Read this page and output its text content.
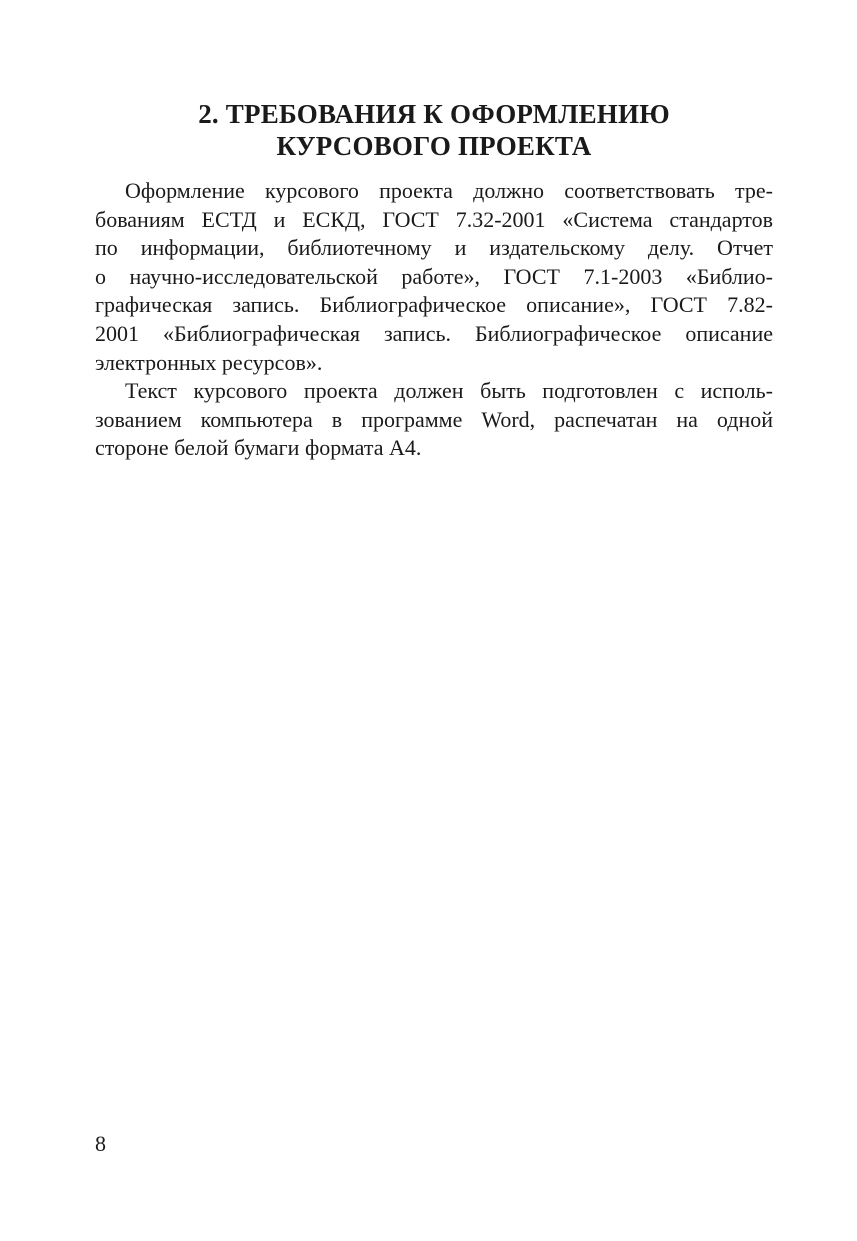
2. ТРЕБОВАНИЯ К ОФОРМЛЕНИЮ
КУРСОВОГО ПРОЕКТА

Оформление курсового проекта должно соответствовать тре-
бованиям ЕСТД и ЕСКД, ГОСТ 7.32-2001 «Система стандартов
по информации, библиотечному и издательскому делу. Отчет
о научно-исследовательской работе», ГОСТ 7.1-2003 «Библио-
графическая запись. Библиографическое описание», ГОСТ 7.82-
2001 «Библиографическая запись. Библиографическое описание
электронных ресурсов».

Текст курсового проекта должен быть подготовлен с исполь-
зованием компьютера в программе Word, распечатан на одной
стороне белой бумаги формата А4.

8
